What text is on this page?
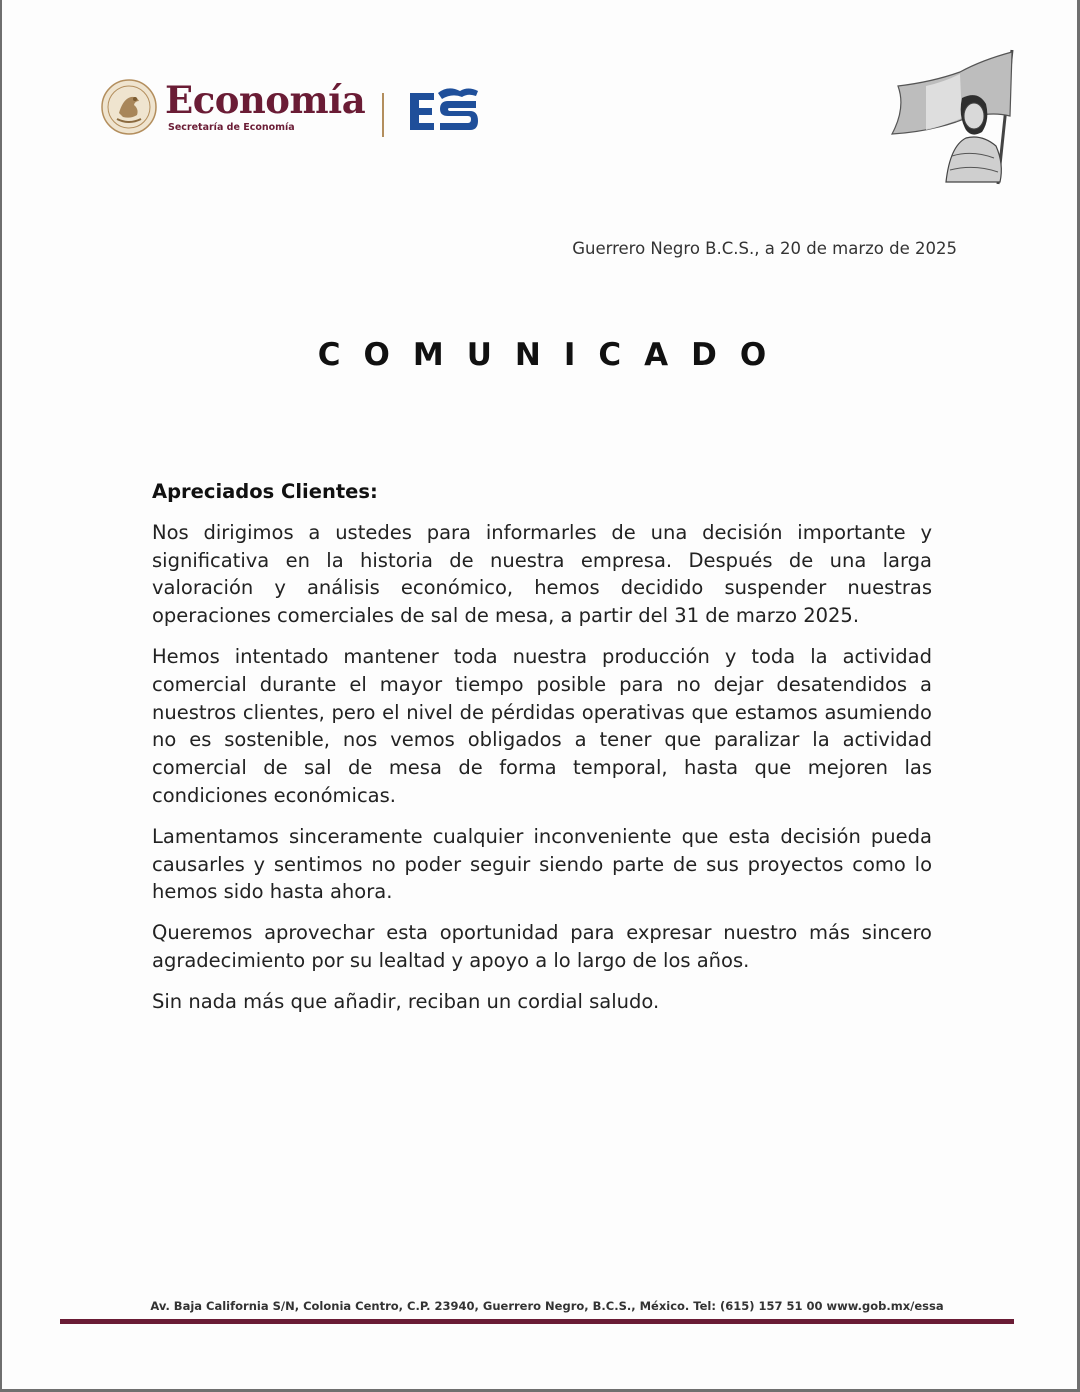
Economía
Secretaría de Economía
Guerrero Negro B.C.S., a 20 de marzo de 2025
COMUNICADO

Apreciados Clientes:

Nos dirigimos a ustedes para informarles de una decisión importante y significativa en la historia de nuestra empresa. Después de una larga valoración y análisis económico, hemos decidido suspender nuestras operaciones comerciales de sal de mesa, a partir del 31 de marzo 2025.

Hemos intentado mantener toda nuestra producción y toda la actividad comercial durante el mayor tiempo posible para no dejar desatendidos a nuestros clientes, pero el nivel de pérdidas operativas que estamos asumiendo no es sostenible, nos vemos obligados a tener que paralizar la actividad comercial de sal de mesa de forma temporal, hasta que mejoren las condiciones económicas.

Lamentamos sinceramente cualquier inconveniente que esta decisión pueda causarles y sentimos no poder seguir siendo parte de sus proyectos como lo hemos sido hasta ahora.

Queremos aprovechar esta oportunidad para expresar nuestro más sincero agradecimiento por su lealtad y apoyo a lo largo de los años.

Sin nada más que añadir, reciban un cordial saludo.

Av. Baja California S/N, Colonia Centro, C.P. 23940, Guerrero Negro, B.C.S., México. Tel: (615) 157 51 00 www.gob.mx/essa
